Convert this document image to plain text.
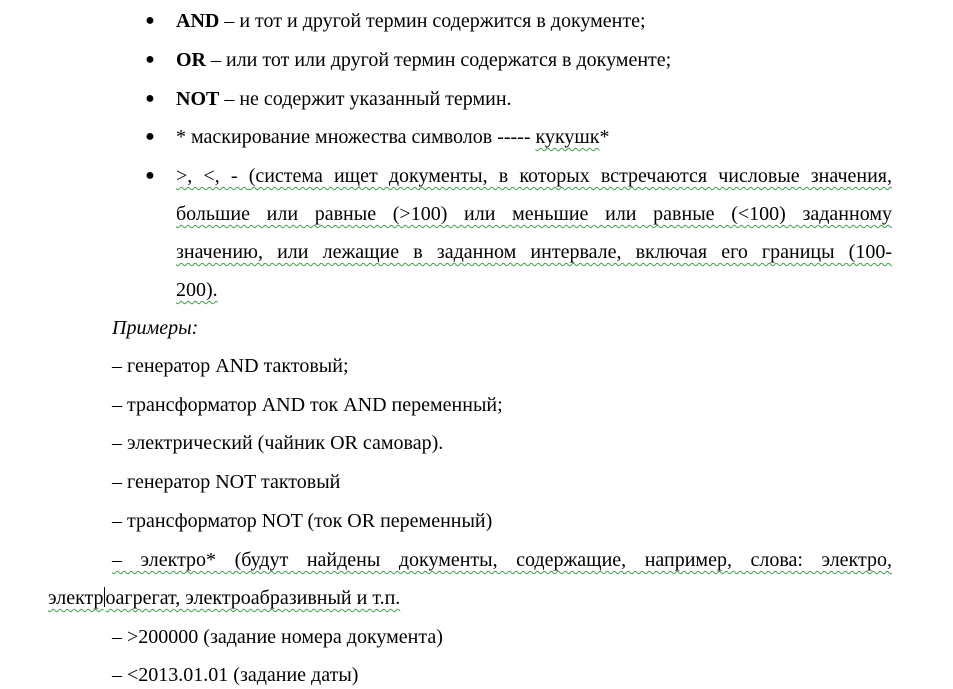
● AND – и тот и другой термин содержится в документе;
● OR – или тот или другой термин содержатся в документе;
● NOT – не содержит указанный термин.
● * маскирование множества символов ----- кукушк*
● >, <, - (система ищет документы, в которых встречаются числовые значения,
большие или равные (>100) или меньшие или равные (<100) заданному
значению, или лежащие в заданном интервале, включая его границы (100-
200).
Примеры:
– генератор AND тактовый;
– трансформатор AND ток AND переменный;
– электрический (чайник OR самовар).
– генератор NOT тактовый
– трансформатор NOT (ток OR переменный)
– электро* (будут найдены документы, содержащие, например, слова: электро,
электр оагрегат, электроабразивный и т.п.
– >200000 (задание номера документа)
– <2013.01.01 (задание даты)
